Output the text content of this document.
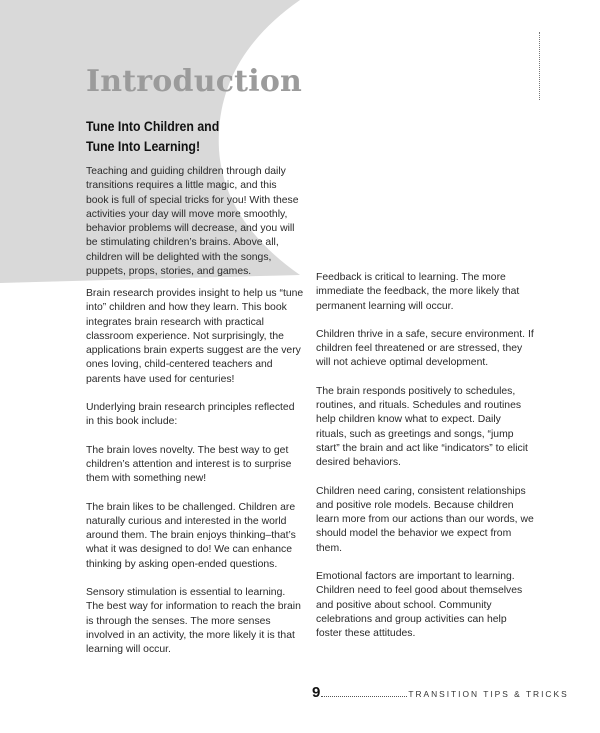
Introduction
Tune Into Children and
Tune Into Learning!

Teaching and guiding children through daily transitions requires a little magic, and this book is full of special tricks for you! With these activities your day will move more smoothly, behavior problems will decrease, and you will be stimulating children’s brains. Above all, children will be delighted with the songs, puppets, props, stories, and games.

Brain research provides insight to help us “tune into” children and how they learn. This book integrates brain research with practical classroom experience. Not surprisingly, the applications brain experts suggest are the very ones loving, child-centered teachers and parents have used for centuries!

Underlying brain research principles reflected in this book include:

The brain loves novelty. The best way to get children’s attention and interest is to surprise them with something new!

The brain likes to be challenged. Children are naturally curious and interested in the world around them. The brain enjoys thinking–that’s what it was designed to do! We can enhance thinking by asking open-ended questions.

Sensory stimulation is essential to learning. The best way for information to reach the brain is through the senses. The more senses involved in an activity, the more likely it is that learning will occur.

Feedback is critical to learning. The more immediate the feedback, the more likely that permanent learning will occur.

Children thrive in a safe, secure environment. If children feel threatened or are stressed, they will not achieve optimal development.

The brain responds positively to schedules, routines, and rituals. Schedules and routines help children know what to expect. Daily rituals, such as greetings and songs, “jump start” the brain and act like “indicators” to elicit desired behaviors.

Children need caring, consistent relationships and positive role models. Because children learn more from our actions than our words, we should model the behavior we expect from them.

Emotional factors are important to learning. Children need to feel good about themselves and positive about school. Community celebrations and group activities can help foster these attitudes.

9	TRANSITION TIPS & TRICKS
